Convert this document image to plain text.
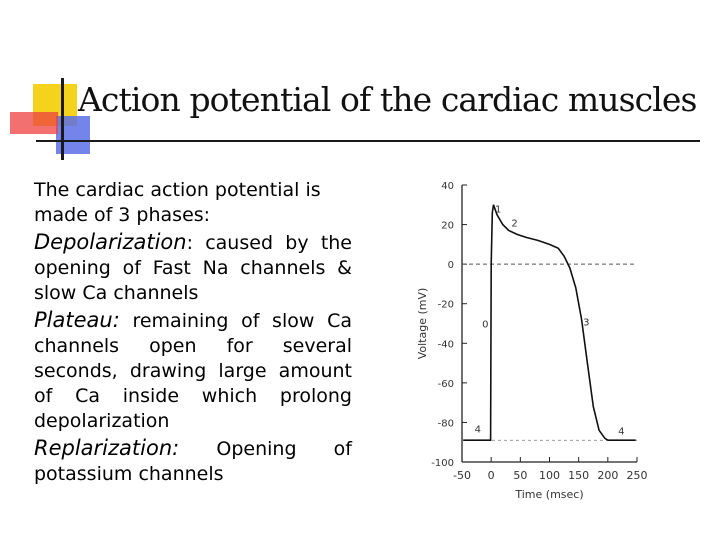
Action potential of the cardiac muscles

The cardiac action potential is made of 3 phases:

Depolarization: caused by the opening of Fast Na channels & slow Ca channels

Plateau: remaining of slow Ca channels open for several seconds, drawing large amount of Ca inside which prolong depolarization

Replarization: Opening of potassium channels

40
20
0
-20
-40
-60
-80
-100
-50 0 50 100 150 200 250
0
1
2
3
4	4
Time (msec)
Voltage (mV)
